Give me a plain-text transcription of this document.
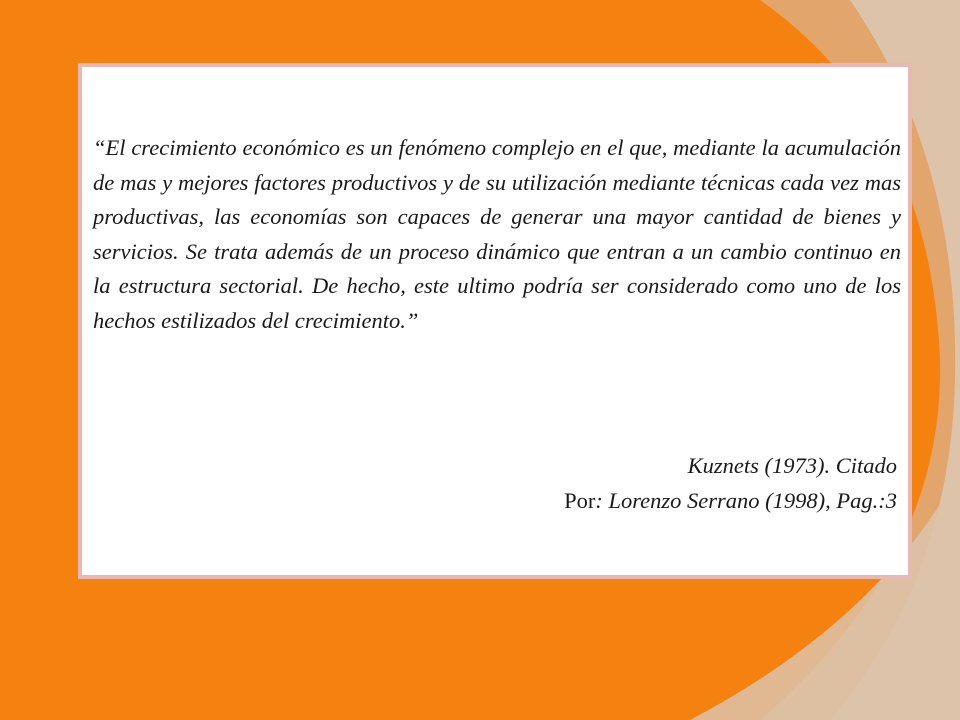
“El crecimiento económico es un fenómeno complejo en el que, mediante la acumulación de mas y mejores factores productivos y de su utilización mediante técnicas cada vez mas productivas, las economías son capaces de generar una mayor cantidad de bienes y servicios. Se trata además de un proceso dinámico que entran a un cambio continuo en la estructura sectorial. De hecho, este ultimo podría ser considerado como uno de los hechos estilizados del crecimiento.”

Kuznets (1973). Citado
Por: Lorenzo Serrano (1998), Pag.:3
